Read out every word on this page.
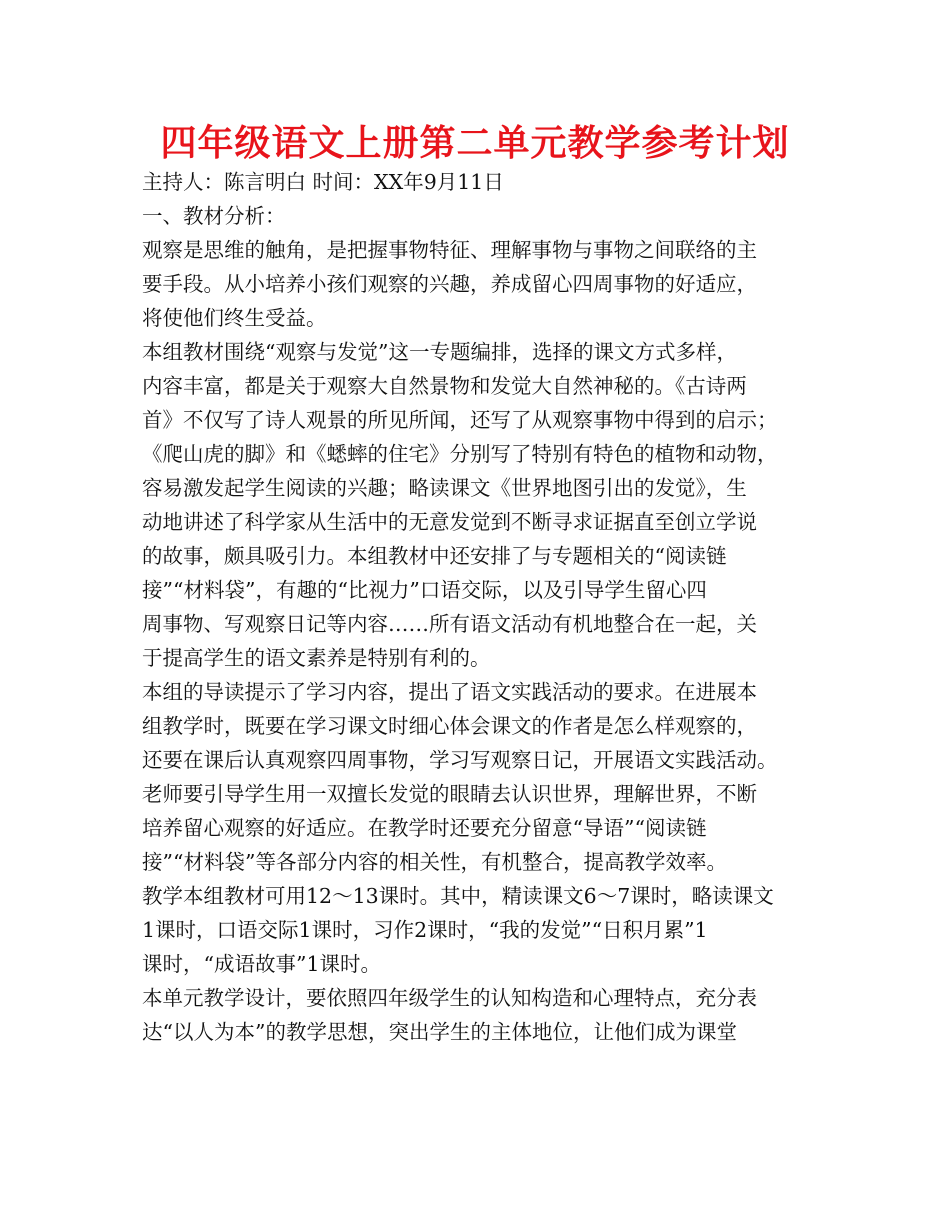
四年级语文上册第二单元教学参考计划
主持人：陈言明白 时间：XX年9月11日
一、教材分析：
观察是思维的触角，是把握事物特征、理解事物与事物之间联络的主
要手段。从小培养小孩们观察的兴趣，养成留心四周事物的好适应，
将使他们终生受益。
本组教材围绕“观察与发觉”这一专题编排，选择的课文方式多样，
内容丰富，都是关于观察大自然景物和发觉大自然神秘的。《古诗两
首》不仅写了诗人观景的所见所闻，还写了从观察事物中得到的启示；
《爬山虎的脚》和《蟋蟀的住宅》分别写了特别有特色的植物和动物，
容易激发起学生阅读的兴趣；略读课文《世界地图引出的发觉》，生
动地讲述了科学家从生活中的无意发觉到不断寻求证据直至创立学说
的故事，颇具吸引力。本组教材中还安排了与专题相关的“阅读链
接”“材料袋”，有趣的“比视力”口语交际，以及引导学生留心四
周事物、写观察日记等内容……所有语文活动有机地整合在一起，关
于提高学生的语文素养是特别有利的。
本组的导读提示了学习内容，提出了语文实践活动的要求。在进展本
组教学时，既要在学习课文时细心体会课文的作者是怎么样观察的，
还要在课后认真观察四周事物，学习写观察日记，开展语文实践活动。
老师要引导学生用一双擅长发觉的眼睛去认识世界，理解世界，不断
培养留心观察的好适应。在教学时还要充分留意“导语”“阅读链
接”“材料袋”等各部分内容的相关性，有机整合，提高教学效率。
教学本组教材可用12～13课时。其中，精读课文6～7课时，略读课文
1课时，口语交际1课时，习作2课时，“我的发觉”“日积月累”1
课时，“成语故事”1课时。
本单元教学设计，要依照四年级学生的认知构造和心理特点，充分表
达“以人为本”的教学思想，突出学生的主体地位，让他们成为课堂
